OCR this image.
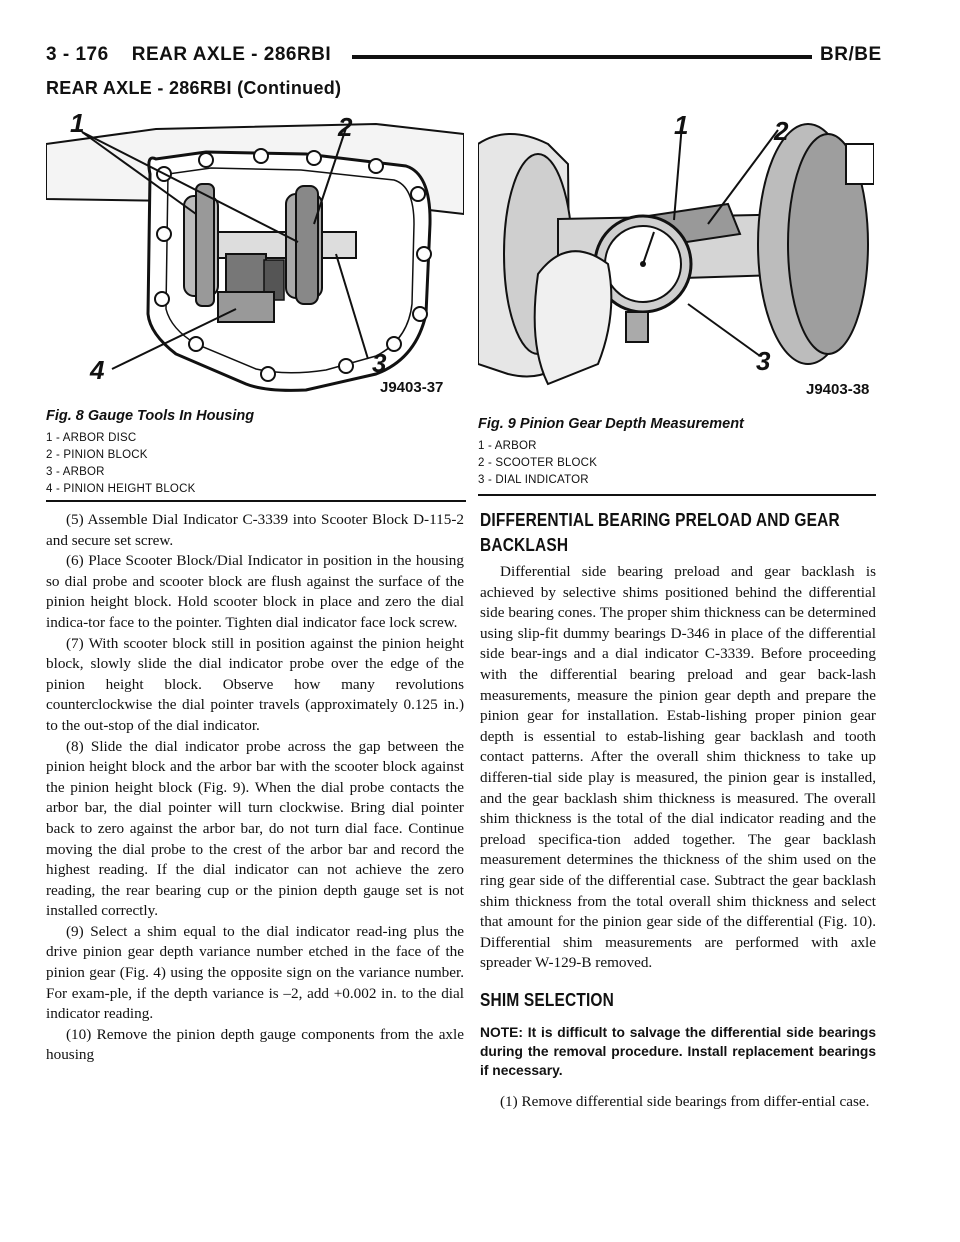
3 - 176 REAR AXLE - 286RBI	BR/BE
REAR AXLE - 286RBI (Continued)
1	2
3
4
J9403-37
Fig. 8 Gauge Tools In Housing
1 - ARBOR DISC
2 - PINION BLOCK
3 - ARBOR
4 - PINION HEIGHT BLOCK
1	2
3
J9403-38
Fig. 9 Pinion Gear Depth Measurement
1 - ARBOR
2 - SCOOTER BLOCK
3 - DIAL INDICATOR

(5) Assemble Dial Indicator C-3339 into Scooter Block D-115-2 and secure set screw.

(6) Place Scooter Block/Dial Indicator in position in the housing so dial probe and scooter block are flush against the surface of the pinion height block. Hold scooter block in place and zero the dial indica-tor face to the pointer. Tighten dial indicator face lock screw.

(7) With scooter block still in position against the pinion height block, slowly slide the dial indicator probe over the edge of the pinion height block. Observe how many revolutions counterclockwise the dial pointer travels (approximately 0.125 in.) to the out-stop of the dial indicator.

(8) Slide the dial indicator probe across the gap between the pinion height block and the arbor bar with the scooter block against the pinion height block (Fig. 9). When the dial probe contacts the arbor bar, the dial pointer will turn clockwise. Bring dial pointer back to zero against the arbor bar, do not turn dial face. Continue moving the dial probe to the crest of the arbor bar and record the highest reading. If the dial indicator can not achieve the zero reading, the rear bearing cup or the pinion depth gauge set is not installed correctly.

(9) Select a shim equal to the dial indicator read-ing plus the drive pinion gear depth variance number etched in the face of the pinion gear (Fig. 4) using the opposite sign on the variance number. For exam-ple, if the depth variance is –2, add +0.002 in. to the dial indicator reading.

(10) Remove the pinion depth gauge components from the axle housing

DIFFERENTIAL BEARING PRELOAD AND GEAR
BACKLASH

Differential side bearing preload and gear backlash is achieved by selective shims positioned behind the differential side bearing cones. The proper shim thickness can be determined using slip-fit dummy bearings D-346 in place of the differential side bear-ings and a dial indicator C-3339. Before proceeding with the differential bearing preload and gear back-lash measurements, measure the pinion gear depth and prepare the pinion gear for installation. Estab-lishing proper pinion gear depth is essential to estab-lishing gear backlash and tooth contact patterns. After the overall shim thickness to take up differen-tial side play is measured, the pinion gear is installed, and the gear backlash shim thickness is measured. The overall shim thickness is the total of the dial indicator reading and the preload specifica-tion added together. The gear backlash measurement determines the thickness of the shim used on the ring gear side of the differential case. Subtract the gear backlash shim thickness from the total overall shim thickness and select that amount for the pinion gear side of the differential (Fig. 10). Differential shim measurements are performed with axle spreader W-129-B removed.

SHIM SELECTION

NOTE: It is difficult to salvage the differential side bearings during the removal procedure. Install replacement bearings if necessary.

(1) Remove differential side bearings from differ-ential case.
